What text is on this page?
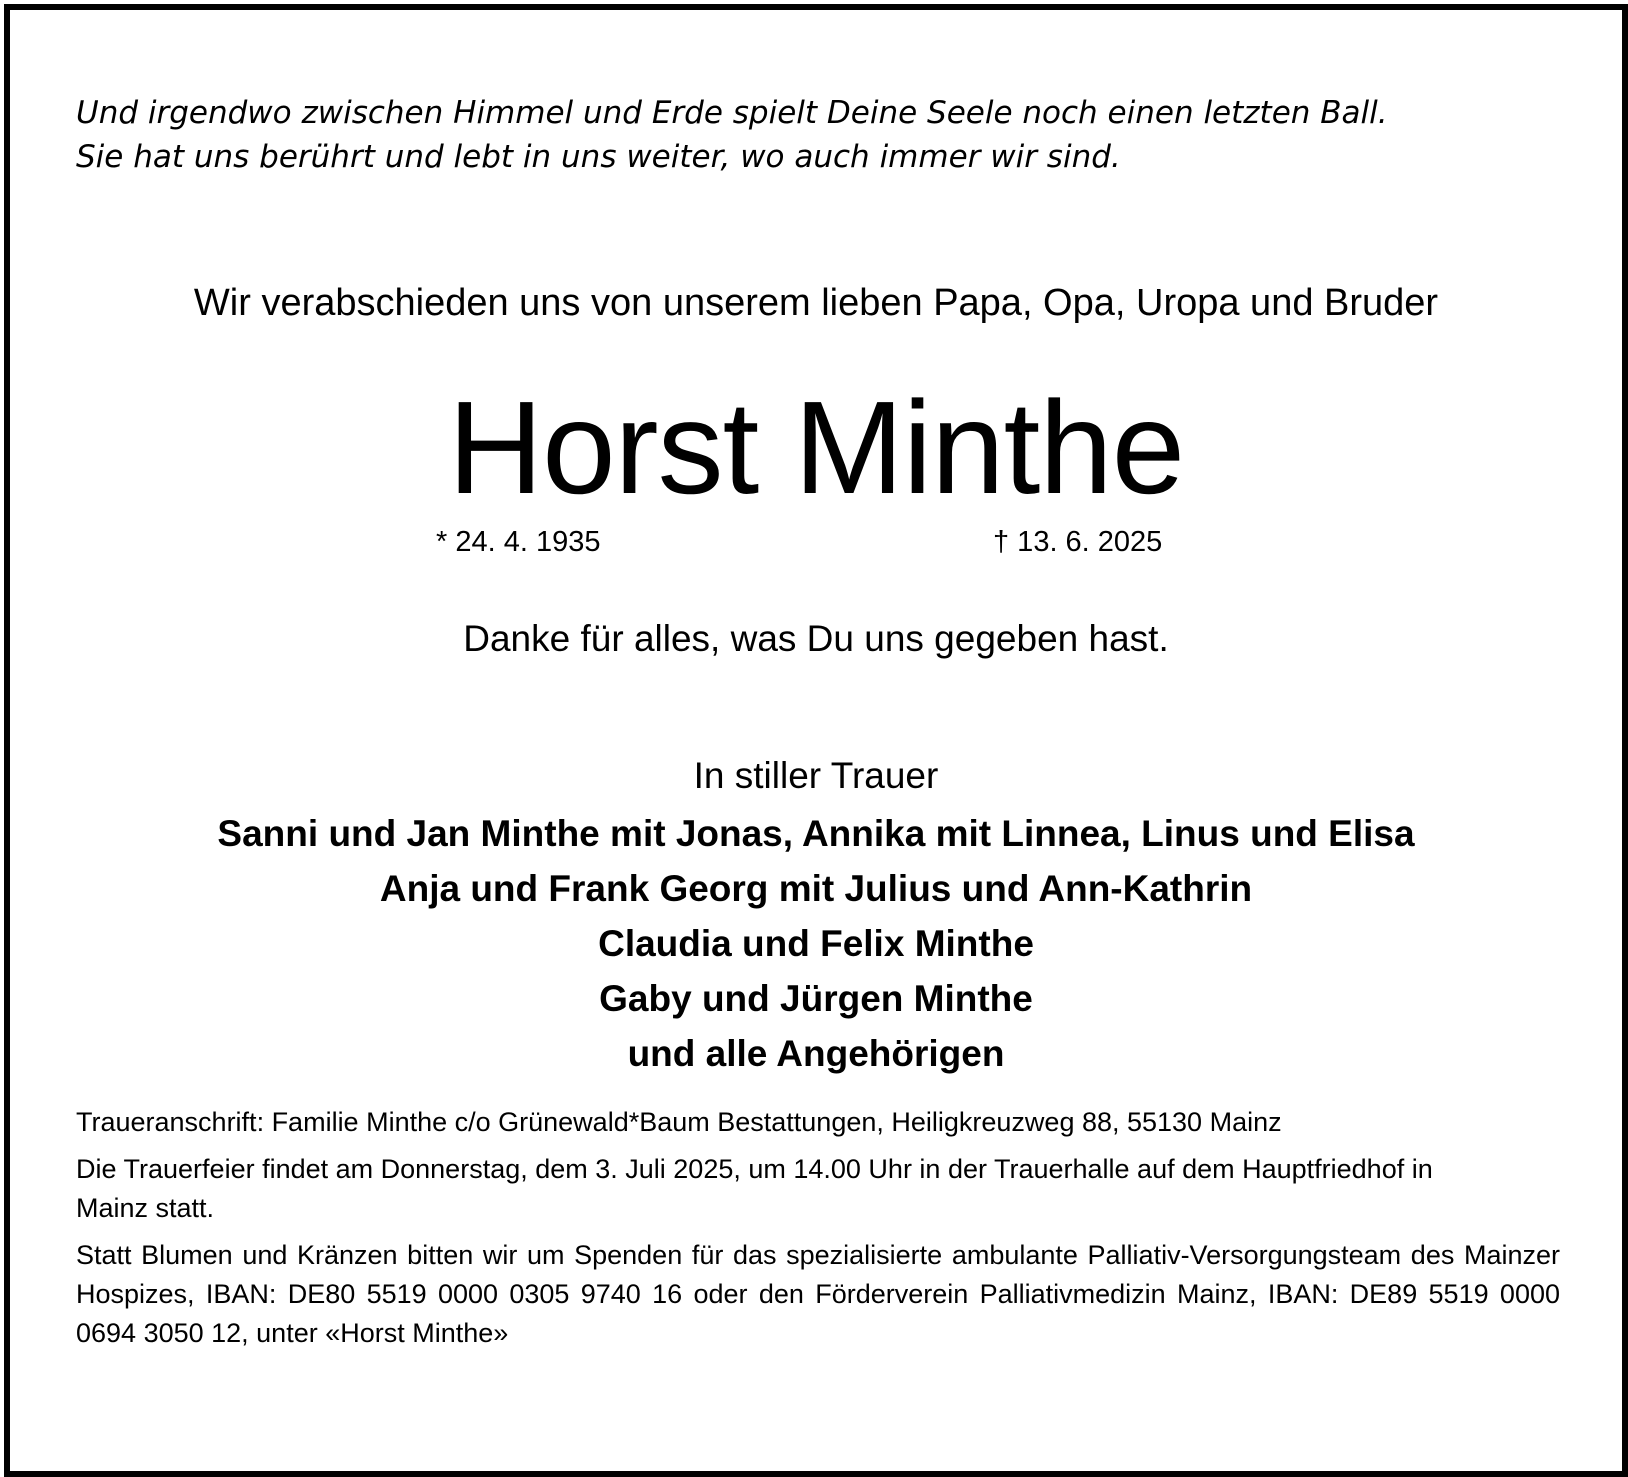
Und irgendwo zwischen Himmel und Erde spielt Deine Seele noch einen letzten Ball.
Sie hat uns berührt und lebt in uns weiter, wo auch immer wir sind.
Wir verabschieden uns von unserem lieben Papa, Opa, Uropa und Bruder
Horst Minthe
* 24. 4. 1935	† 13. 6. 2025
Danke für alles, was Du uns gegeben hast.
In stiller Trauer
Sanni und Jan Minthe mit Jonas, Annika mit Linnea, Linus und Elisa
Anja und Frank Georg mit Julius und Ann-Kathrin
Claudia und Felix Minthe
Gaby und Jürgen Minthe
und alle Angehörigen
Traueranschrift: Familie Minthe c/o Grünewald*Baum Bestattungen, Heiligkreuzweg 88, 55130 Mainz
Die Trauerfeier findet am Donnerstag, dem 3. Juli 2025, um 14.00 Uhr in der Trauerhalle auf dem Hauptfriedhof in Mainz statt.
Statt Blumen und Kränzen bitten wir um Spenden für das spezialisierte ambulante Palliativ-Versorgungsteam des Mainzer Hospizes, IBAN: DE80 5519 0000 0305 9740 16 oder den Förderverein Palliativmedizin Mainz, IBAN: DE89 5519 0000 0694 3050 12, unter «Horst Minthe»
